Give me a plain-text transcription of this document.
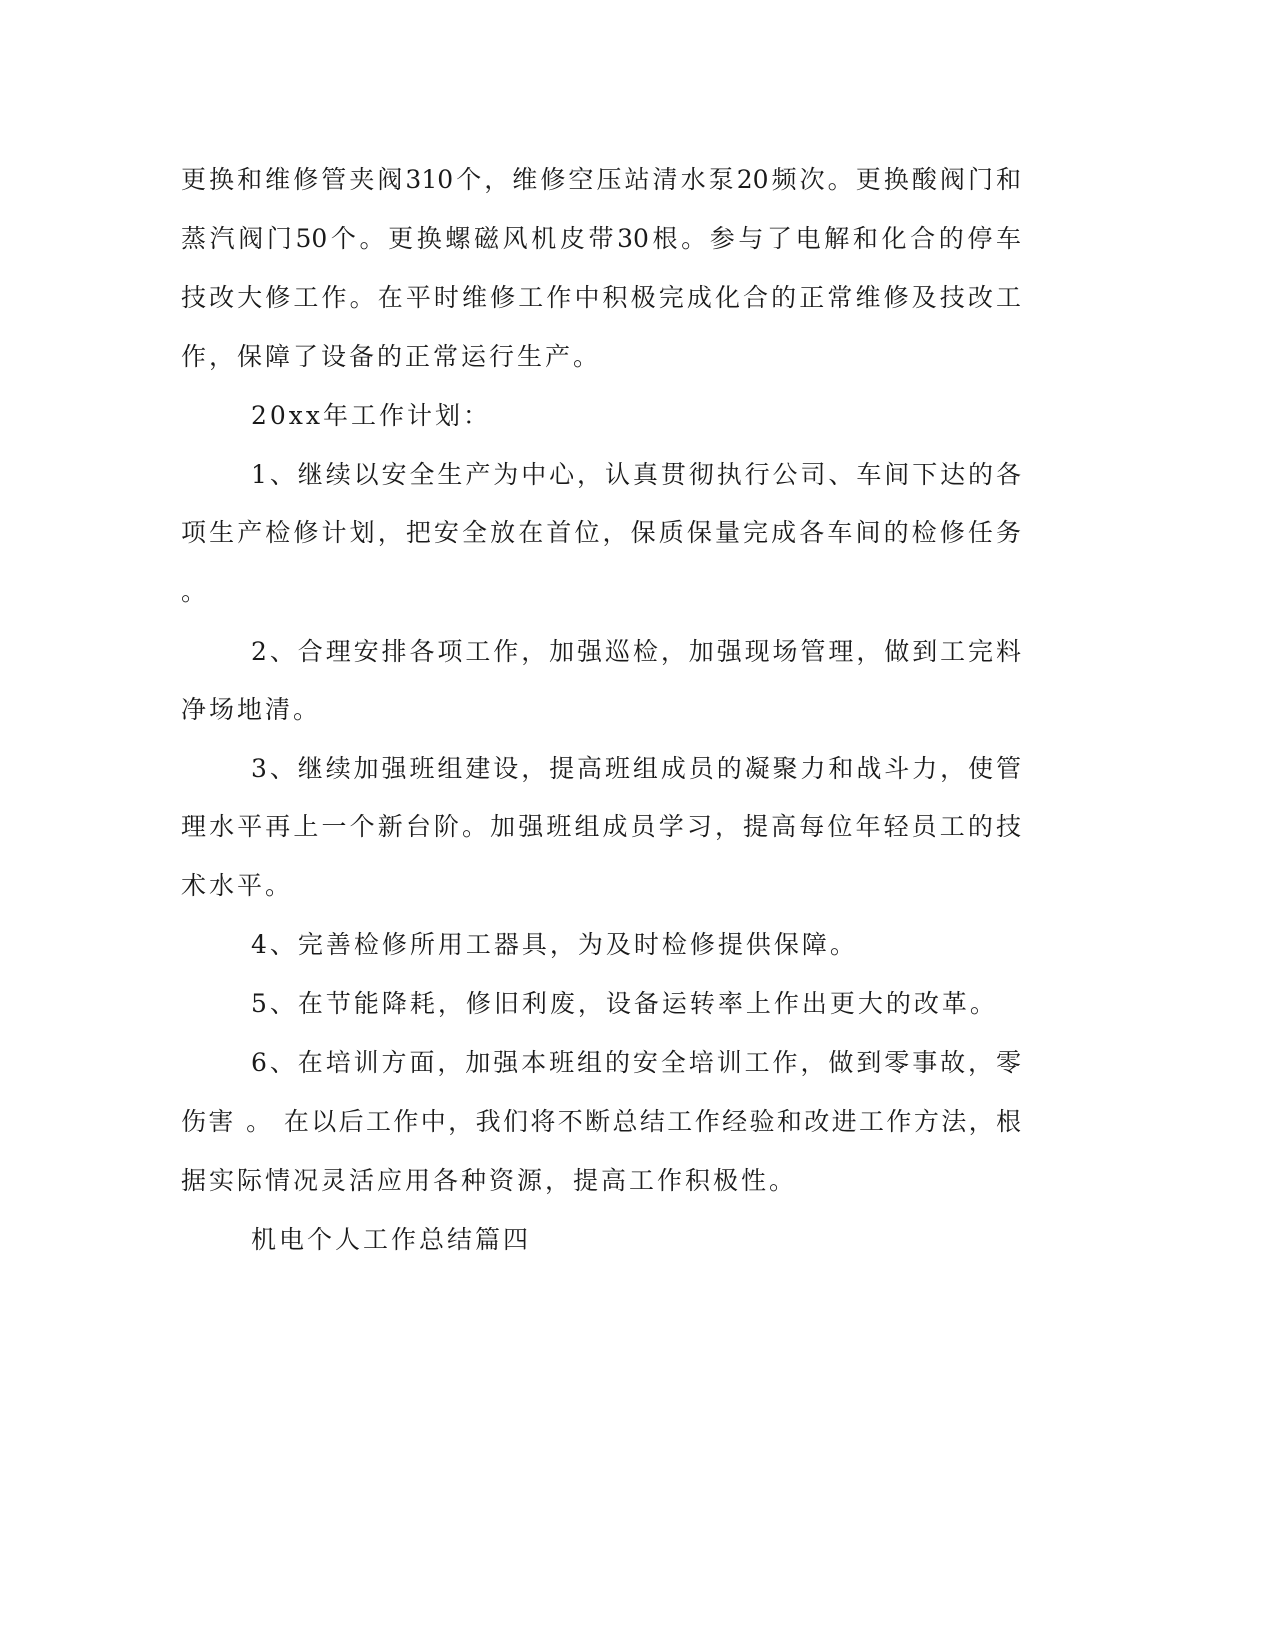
更换和维修管夹阀310个，维修空压站清水泵20频次。更换酸阀门和
蒸汽阀门50个。更换螺磁风机皮带30根。参与了电解和化合的停车
技改大修工作。在平时维修工作中积极完成化合的正常维修及技改工
作，保障了设备的正常运行生产。
20xx年工作计划：
1、继续以安全生产为中心，认真贯彻执行公司、车间下达的各
项生产检修计划，把安全放在首位，保质保量完成各车间的检修任务
。
2、合理安排各项工作，加强巡检，加强现场管理，做到工完料
净场地清。
3、继续加强班组建设，提高班组成员的凝聚力和战斗力，使管
理水平再上一个新台阶。加强班组成员学习，提高每位年轻员工的技
术水平。
4、完善检修所用工器具，为及时检修提供保障。
5、在节能降耗，修旧利废，设备运转率上作出更大的改革。
6、在培训方面，加强本班组的安全培训工作，做到零事故，零
伤害 。 在以后工作中，我们将不断总结工作经验和改进工作方法，根
据实际情况灵活应用各种资源，提高工作积极性。
机电个人工作总结篇四
